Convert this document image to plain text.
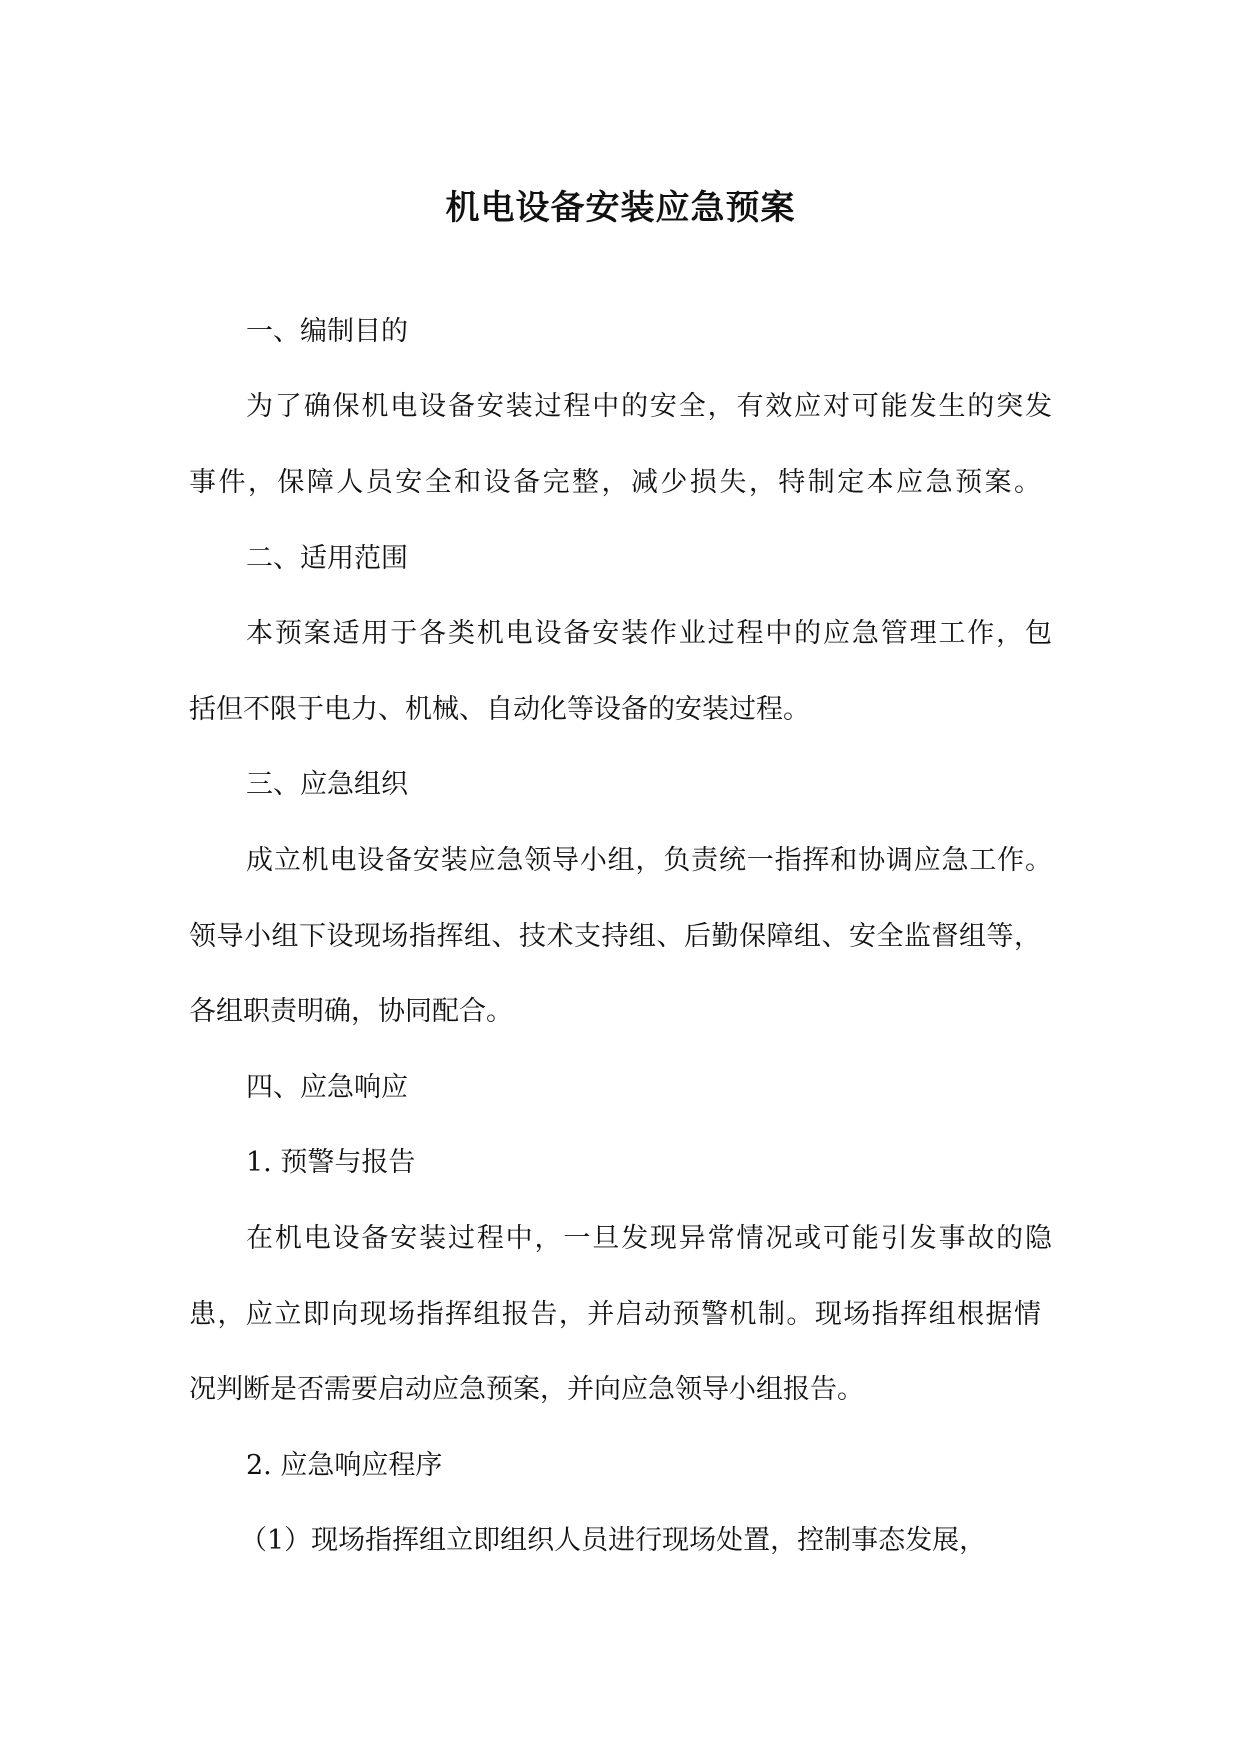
机电设备安装应急预案
一、编制目的
为了确保机电设备安装过程中的安全，有效应对可能发生的突发
事件，保障人员安全和设备完整，减少损失，特制定本应急预案。
二、适用范围
本预案适用于各类机电设备安装作业过程中的应急管理工作，包
括但不限于电力、机械、自动化等设备的安装过程。
三、应急组织
成立机电设备安装应急领导小组，负责统一指挥和协调应急工作。
领导小组下设现场指挥组、技术支持组、后勤保障组、安全监督组等，
各组职责明确，协同配合。
四、应急响应
1. 预警与报告
在机电设备安装过程中，一旦发现异常情况或可能引发事故的隐
患，应立即向现场指挥组报告，并启动预警机制。现场指挥组根据情
况判断是否需要启动应急预案，并向应急领导小组报告。
2. 应急响应程序
（1）现场指挥组立即组织人员进行现场处置，控制事态发展，
